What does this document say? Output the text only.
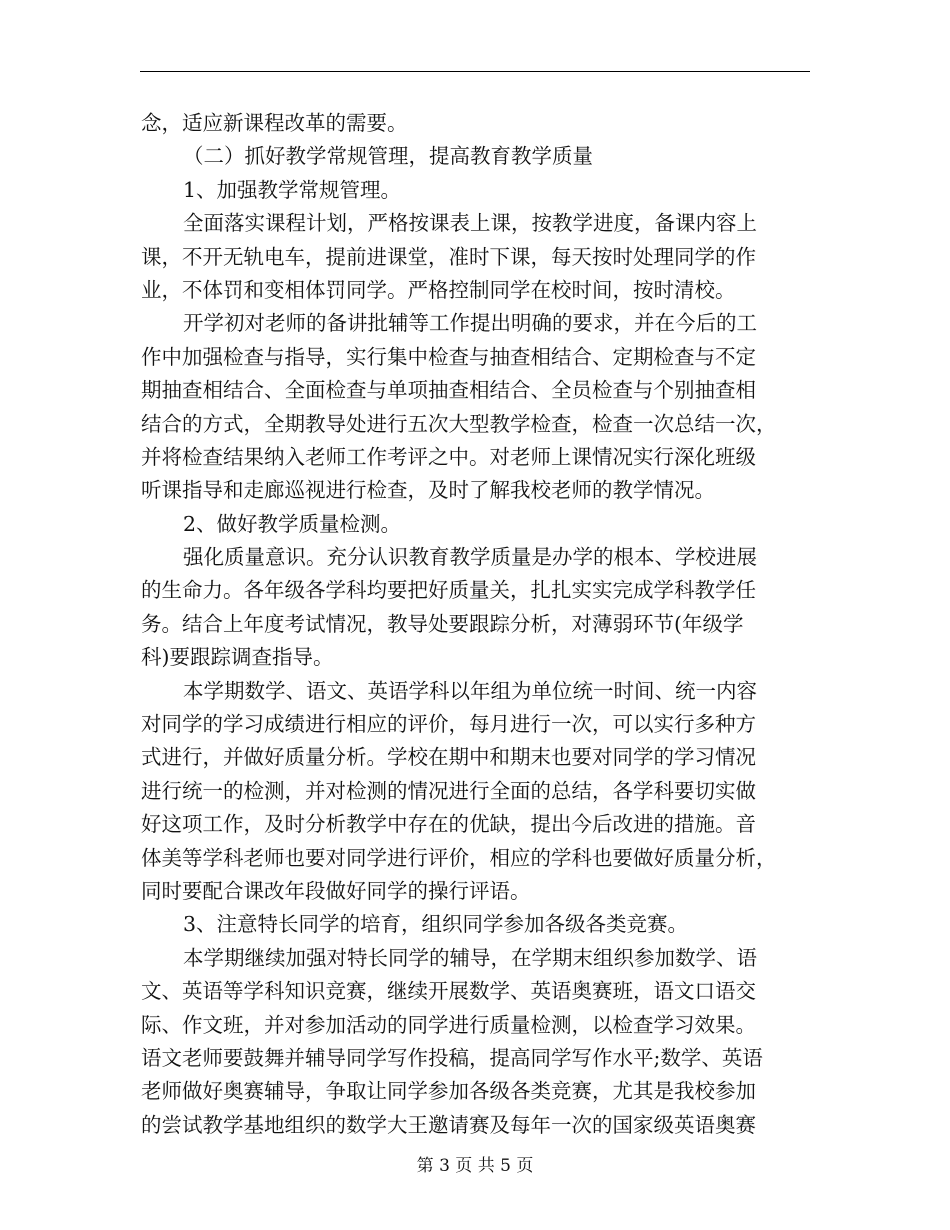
念，适应新课程改革的需要。
（二）抓好教学常规管理，提高教育教学质量
1、加强教学常规管理。
全面落实课程计划，严格按课表上课，按教学进度，备课内容上
课，不开无轨电车，提前进课堂，准时下课，每天按时处理同学的作
业，不体罚和变相体罚同学。严格控制同学在校时间，按时清校。
开学初对老师的备讲批辅等工作提出明确的要求，并在今后的工
作中加强检查与指导，实行集中检查与抽查相结合、定期检查与不定
期抽查相结合、全面检查与单项抽查相结合、全员检查与个别抽查相
结合的方式，全期教导处进行五次大型教学检查，检查一次总结一次，
并将检查结果纳入老师工作考评之中。对老师上课情况实行深化班级
听课指导和走廊巡视进行检查，及时了解我校老师的教学情况。
2、做好教学质量检测。
强化质量意识。充分认识教育教学质量是办学的根本、学校进展
的生命力。各年级各学科均要把好质量关，扎扎实实完成学科教学任
务。结合上年度考试情况，教导处要跟踪分析，对薄弱环节(年级学
科)要跟踪调查指导。
本学期数学、语文、英语学科以年组为单位统一时间、统一内容
对同学的学习成绩进行相应的评价，每月进行一次，可以实行多种方
式进行，并做好质量分析。学校在期中和期末也要对同学的学习情况
进行统一的检测，并对检测的情况进行全面的总结，各学科要切实做
好这项工作，及时分析教学中存在的优缺，提出今后改进的措施。音
体美等学科老师也要对同学进行评价，相应的学科也要做好质量分析，
同时要配合课改年段做好同学的操行评语。
3、注意特长同学的培育，组织同学参加各级各类竞赛。
本学期继续加强对特长同学的辅导，在学期末组织参加数学、语
文、英语等学科知识竞赛，继续开展数学、英语奥赛班，语文口语交
际、作文班，并对参加活动的同学进行质量检测，以检查学习效果。
语文老师要鼓舞并辅导同学写作投稿，提高同学写作水平;数学、英语
老师做好奥赛辅导，争取让同学参加各级各类竞赛，尤其是我校参加
的尝试教学基地组织的数学大王邀请赛及每年一次的国家级英语奥赛
第 3 页 共 5 页
